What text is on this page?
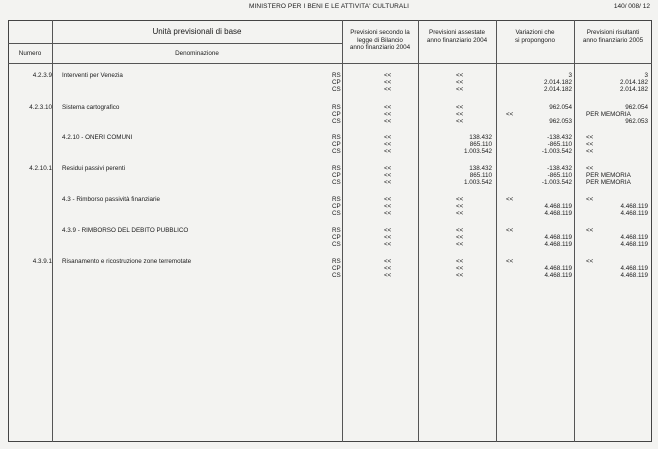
MINISTERO PER I BENI E LE ATTIVITA' CULTURALI	140/ 008/ 12
Unità previsionali di base
Numero	Denominazione
Previsioni secondo la
legge di Bilancio
anno finanziario 2004
Previsioni assestate
anno finanziario 2004
Variazioni che
si propongono
Previsioni risultanti
anno finanziario 2005
4.2.3.9 Interventi per Venezia	RS	<<	<<	3	3
CP	<<	<<	2.014.182	2.014.182
CS	<<	<<	2.014.182	2.014.182
4.2.3.10 Sistema cartografico	RS	<<	<<	962.054	962.054
CP	<<	<<	<<	PER MEMORIA
CS	<<	<<	962.053	962.053
4.2.10 - ONERI COMUNI	RS	<<	138.432	-138.432	<<
CP	<<	865.110	-865.110	<<
CS	<<	1.003.542	-1.003.542	<<
4.2.10.1 Residui passivi perenti	RS	<<	138.432	-138.432	<<
CP	<<	865.110	-865.110	PER MEMORIA
CS	<<	1.003.542	-1.003.542	PER MEMORIA
4.3 - Rimborso passività finanziarie	RS	<<	<<	<<	<<
CP	<<	<<	4.468.119	4.468.119
CS	<<	<<	4.468.119	4.468.119
4.3.9 - RIMBORSO DEL DEBITO PUBBLICO	RS	<<	<<	<<	<<
CP	<<	<<	4.468.119	4.468.119
CS	<<	<<	4.468.119	4.468.119
4.3.9.1 Risanamento e ricostruzione zone terremotate	RS	<<	<<	<<	<<
CP	<<	<<	4.468.119	4.468.119
CS	<<	<<	4.468.119	4.468.119
